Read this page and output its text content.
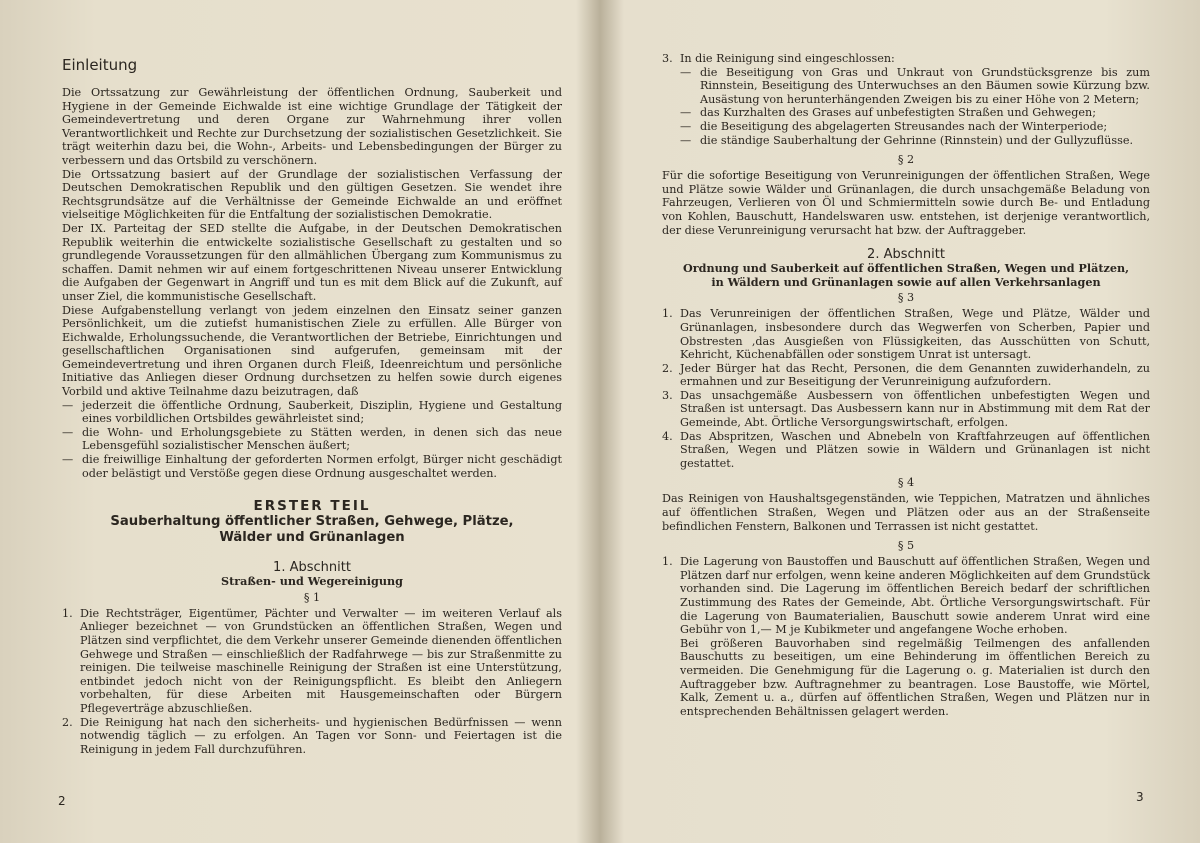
Einleitung

Die Ortssatzung zur Gewährleistung der öffentlichen Ordnung, Sauberkeit und Hygiene in der Gemeinde Eichwalde ist eine wichtige Grundlage der Tätigkeit der Gemeindevertretung und deren Organe zur Wahrnehmung ihrer vollen Verantwortlichkeit und Rechte zur Durchsetzung der sozialistischen Gesetzlichkeit. Sie trägt weiterhin dazu bei, die Wohn-, Arbeits- und Lebensbedingungen der Bürger zu verbessern und das Ortsbild zu verschönern.

Die Ortssatzung basiert auf der Grundlage der sozialistischen Verfassung der Deutschen Demokratischen Republik und den gültigen Gesetzen. Sie wendet ihre Rechtsgrundsätze auf die Verhältnisse der Gemeinde Eichwalde an und eröffnet vielseitige Möglichkeiten für die Entfaltung der sozialistischen Demokratie.

Der IX. Parteitag der SED stellte die Aufgabe, in der Deutschen Demokratischen Republik weiterhin die entwickelte sozialistische Gesellschaft zu gestalten und so grundlegende Voraussetzungen für den allmählichen Übergang zum Kommunismus zu schaffen. Damit nehmen wir auf einem fortgeschrittenen Niveau unserer Entwicklung die Aufgaben der Gegenwart in Angriff und tun es mit dem Blick auf die Zukunft, auf unser Ziel, die kommunistische Gesellschaft.

Diese Aufgabenstellung verlangt von jedem einzelnen den Einsatz seiner ganzen Persönlichkeit, um die zutiefst humanistischen Ziele zu erfüllen. Alle Bürger von Eichwalde, Erholungssuchende, die Verantwortlichen der Betriebe, Einrichtungen und gesellschaftlichen Organisationen sind aufgerufen, gemeinsam mit der Gemeindevertretung und ihren Organen durch Fleiß, Ideenreichtum und persönliche Initiative das Anliegen dieser Ordnung durchsetzen zu helfen sowie durch eigenes Vorbild und aktive Teilnahme dazu beizutragen, daß

— jederzeit die öffentliche Ordnung, Sauberkeit, Disziplin, Hygiene und Gestaltung eines vorbildlichen Ortsbildes gewährleistet sind;
— die Wohn- und Erholungsgebiete zu Stätten werden, in denen sich das neue Lebensgefühl sozialistischer Menschen äußert;
— die freiwillige Einhaltung der geforderten Normen erfolgt, Bürger nicht geschädigt oder belästigt und Verstöße gegen diese Ordnung ausgeschaltet werden.
ERSTER TEIL
Sauberhaltung öffentlicher Straßen, Gehwege, Plätze, Wälder und Grünanlagen
1. Abschnitt
Straßen- und Wegereinigung
§ 1
1. Die Rechtsträger, Eigentümer, Pächter und Verwalter — im weiteren Verlauf als Anlieger bezeichnet — von Grundstücken an öffentlichen Straßen, Wegen und Plätzen sind verpflichtet, die dem Verkehr unserer Gemeinde dienenden öffentlichen Gehwege und Straßen — einschließlich der Radfahrwege — bis zur Straßenmitte zu reinigen. Die teilweise maschinelle Reinigung der Straßen ist eine Unterstützung, entbindet jedoch nicht von der Reinigungspflicht. Es bleibt den Anliegern vorbehalten, für diese Arbeiten mit Hausgemeinschaften oder Bürgern Pflegeverträge abzuschließen.
2. Die Reinigung hat nach den sicherheits- und hygienischen Bedürfnissen — wenn notwendig täglich — zu erfolgen. An Tagen vor Sonn- und Feiertagen ist die Reinigung in jedem Fall durchzuführen.
2
3. In die Reinigung sind eingeschlossen:
— die Beseitigung von Gras und Unkraut von Grundstücksgrenze bis zum Rinnstein, Beseitigung des Unterwuchses an den Bäumen sowie Kürzung bzw. Ausästung von herunterhängenden Zweigen bis zu einer Höhe von 2 Metern;
— das Kurzhalten des Grases auf unbefestigten Straßen und Gehwegen;
— die Beseitigung des abgelagerten Streusandes nach der Winterperiode;
— die ständige Sauberhaltung der Gehrinne (Rinnstein) und der Gullyzuflüsse.
§ 2
Für die sofortige Beseitigung von Verunreinigungen der öffentlichen Straßen, Wege und Plätze sowie Wälder und Grünanlagen, die durch unsachgemäße Beladung von Fahrzeugen, Verlieren von Öl und Schmiermitteln sowie durch Be- und Entladung von Kohlen, Bauschutt, Handelswaren usw. entstehen, ist derjenige verantwortlich, der diese Verunreinigung verursacht hat bzw. der Auftraggeber.
2. Abschnitt
Ordnung und Sauberkeit auf öffentlichen Straßen, Wegen und Plätzen, in Wäldern und Grünanlagen sowie auf allen Verkehrsanlagen
§ 3
1. Das Verunreinigen der öffentlichen Straßen, Wege und Plätze, Wälder und Grünanlagen, insbesondere durch das Wegwerfen von Scherben, Papier und Obstresten ,das Ausgießen von Flüssigkeiten, das Ausschütten von Schutt, Kehricht, Küchenabfällen oder sonstigem Unrat ist untersagt.
2. Jeder Bürger hat das Recht, Personen, die dem Genannten zuwiderhandeln, zu ermahnen und zur Beseitigung der Verunreinigung aufzufordern.
3. Das unsachgemäße Ausbessern von öffentlichen unbefestigten Wegen und Straßen ist untersagt. Das Ausbessern kann nur in Abstimmung mit dem Rat der Gemeinde, Abt. Örtliche Versorgungswirtschaft, erfolgen.
4. Das Abspritzen, Waschen und Abnebeln von Kraftfahrzeugen auf öffentlichen Straßen, Wegen und Plätzen sowie in Wäldern und Grünanlagen ist nicht gestattet.
§ 4
Das Reinigen von Haushaltsgegenständen, wie Teppichen, Matratzen und ähnliches auf öffentlichen Straßen, Wegen und Plätzen oder aus an der Straßenseite befindlichen Fenstern, Balkonen und Terrassen ist nicht gestattet.
§ 5
1. Die Lagerung von Baustoffen und Bauschutt auf öffentlichen Straßen, Wegen und Plätzen darf nur erfolgen, wenn keine anderen Möglichkeiten auf dem Grundstück vorhanden sind. Die Lagerung im öffentlichen Bereich bedarf der schriftlichen Zustimmung des Rates der Gemeinde, Abt. Örtliche Versorgungswirtschaft. Für die Lagerung von Baumaterialien, Bauschutt sowie anderem Unrat wird eine Gebühr von 1,— M je Kubikmeter und angefangene Woche erhoben.
Bei größeren Bauvorhaben sind regelmäßig Teilmengen des anfallenden Bauschutts zu beseitigen, um eine Behinderung im öffentlichen Bereich zu vermeiden. Die Genehmigung für die Lagerung o. g. Materialien ist durch den Auftraggeber bzw. Auftragnehmer zu beantragen. Lose Baustoffe, wie Mörtel, Kalk, Zement u. a., dürfen auf öffentlichen Straßen, Wegen und Plätzen nur in entsprechenden Behältnissen gelagert werden.
3
